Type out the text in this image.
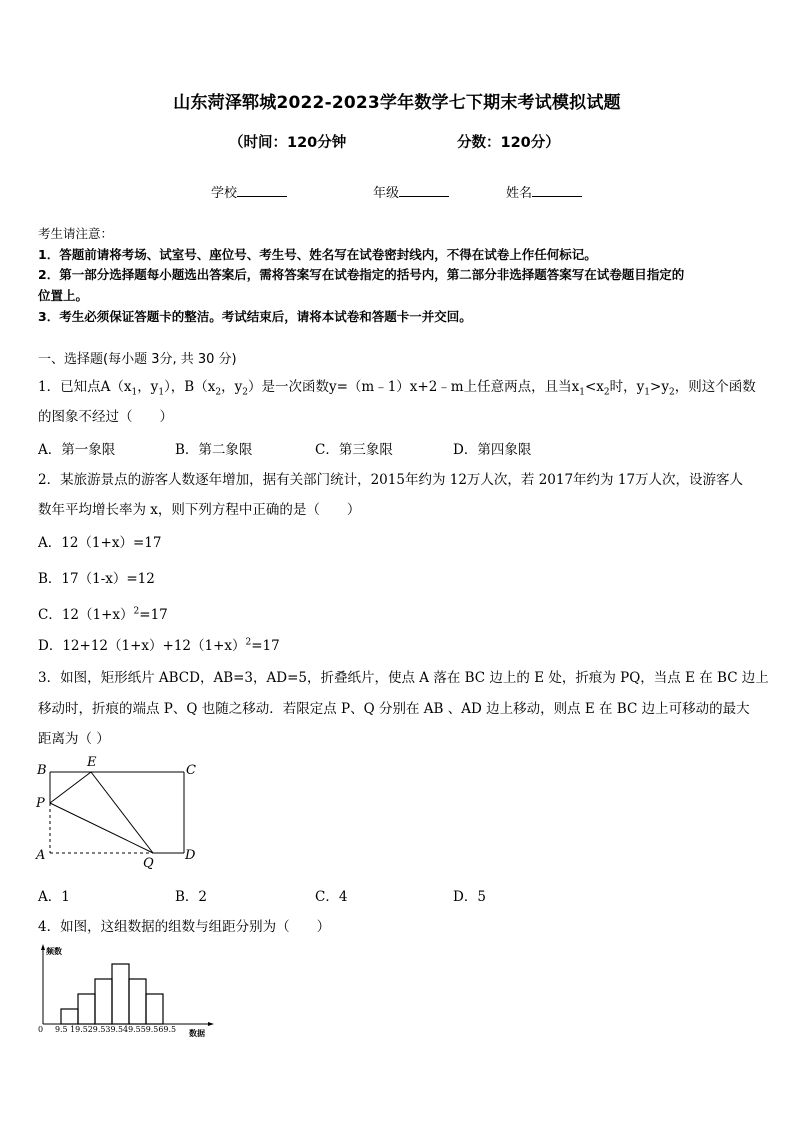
山东菏泽郓城2022-2023学年数学七下期末考试模拟试题
（时间：120分钟	分数：120分）
学校	年级	姓名
考生请注意：
1．答题前请将考场、试室号、座位号、考生号、姓名写在试卷密封线内，不得在试卷上作任何标记。
2．第一部分选择题每小题选出答案后，需将答案写在试卷指定的括号内，第二部分非选择题答案写在试卷题目指定的
位置上。
3．考生必须保证答题卡的整洁。考试结束后，请将本试卷和答题卡一并交回。
一、选择题(每小题 3分, 共 30 分)
1．已知点$A(x_1$，$y_1$），$B(x_2$，$y_2$）是一次函数y=（m﹣1）x+2﹣m上任意两点，且当$x_1<x_2$时，$y_1>y_2$，则这个函数
的图象不经过（　　）
A．第一象限	B．第二象限	C．第三象限	D．第四象限
2．某旅游景点的游客人数逐年增加，据有关部门统计，2015年约为 12万人次，若 2017年约为 17万人次，设游客人
数年平均增长率为 x，则下列方程中正确的是（　　）
A．12（1+x）=17
B．17（1-x）=12
C．$12(1+x)^2=17$
D．$12+12(1+x)+12(1+x)^2=17$
3．如图，矩形纸片 ABCD，AB=3，AD=5，折叠纸片，使点 A 落在 BC 边上的 E 处，折痕为 PQ，当点 E 在 BC 边上
移动时，折痕的端点 P、Q 也随之移动．若限定点 P、Q 分别在 AB 、AD 边上移动，则点 E 在 BC 边上可移动的最大
距离为（ ）
B
E
C
P
A
Q
D
A．1	B．2	C．4	D．5
4．如图，这组数据的组数与组距分别为（　　）
频数
数据
0 9.5 19.529.539.549.559.569.5
